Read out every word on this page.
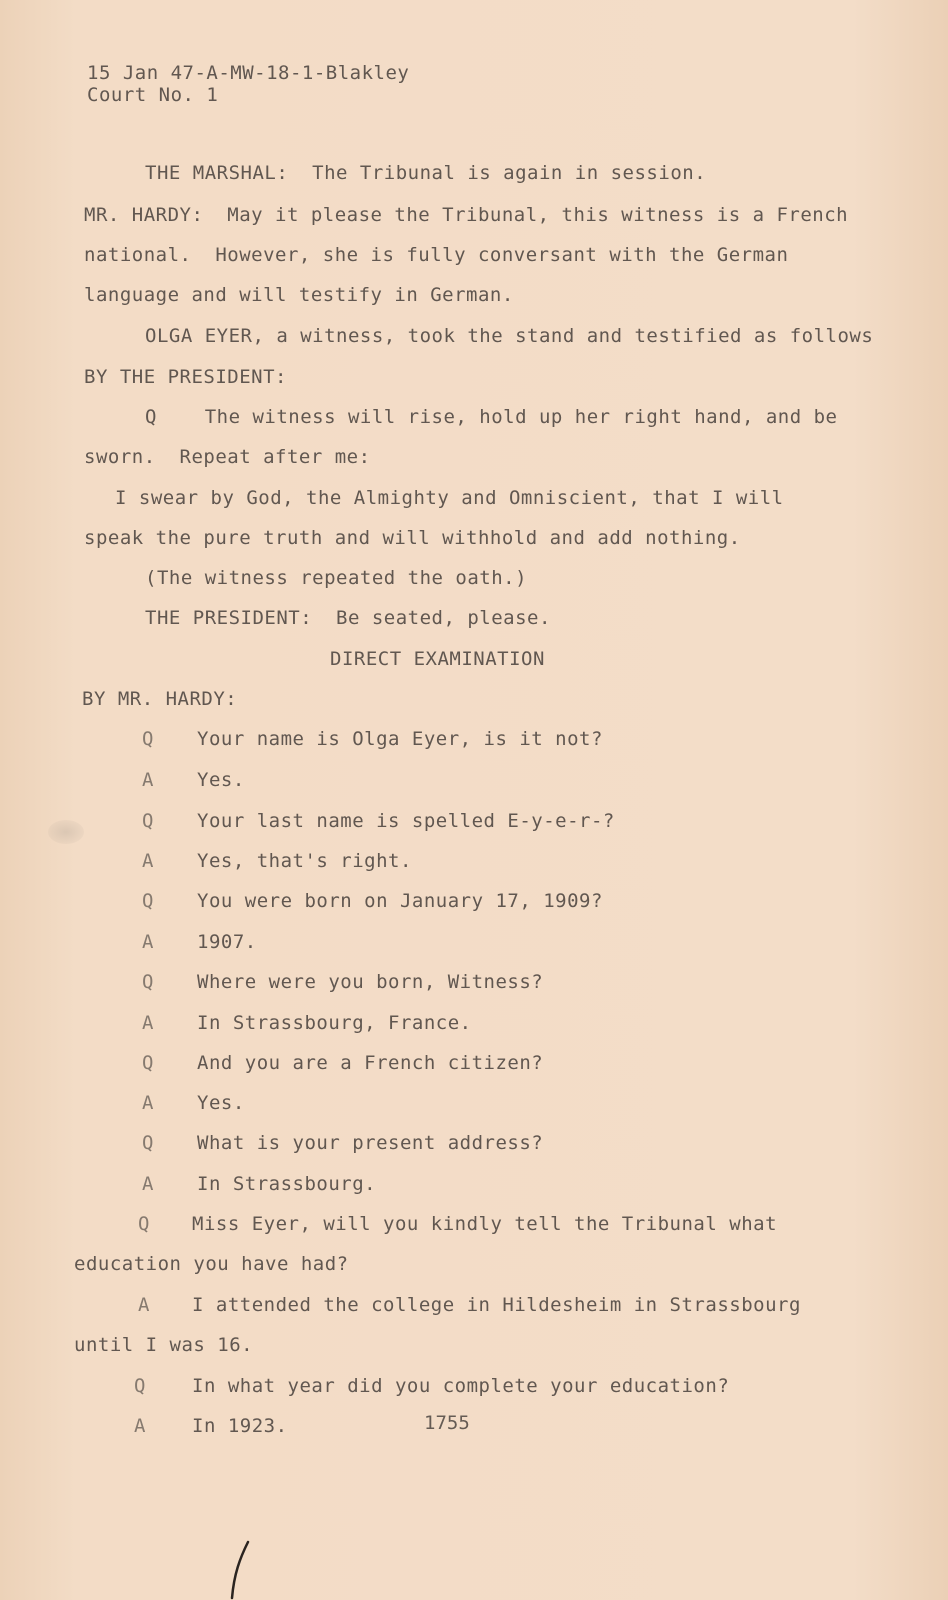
15 Jan 47-A-MW-18-1-Blakley
Court No. 1
THE MARSHAL:  The Tribunal is again in session.
MR. HARDY:  May it please the Tribunal, this witness is a French
national.  However, she is fully conversant with the German
language and will testify in German.
OLGA EYER, a witness, took the stand and testified as follows
BY THE PRESIDENT:
Q    The witness will rise, hold up her right hand, and be
sworn.  Repeat after me:
I swear by God, the Almighty and Omniscient, that I will
speak the pure truth and will withhold and add nothing.
(The witness repeated the oath.)
THE PRESIDENT:  Be seated, please.
DIRECT EXAMINATION
BY MR. HARDY:
Q Your name is Olga Eyer, is it not?
A Yes.
Q Your last name is spelled E-y-e-r-?
A Yes, that's right.
Q You were born on January 17, 1909?
A 1907.
Q Where were you born, Witness?
A In Strassbourg, France.
Q And you are a French citizen?
A Yes.
Q What is your present address?
A In Strassbourg.
Q Miss Eyer, will you kindly tell the Tribunal what
education you have had?
A I attended the college in Hildesheim in Strassbourg
until I was 16.
Q In what year did you complete your education?
A In 1923.	1755
